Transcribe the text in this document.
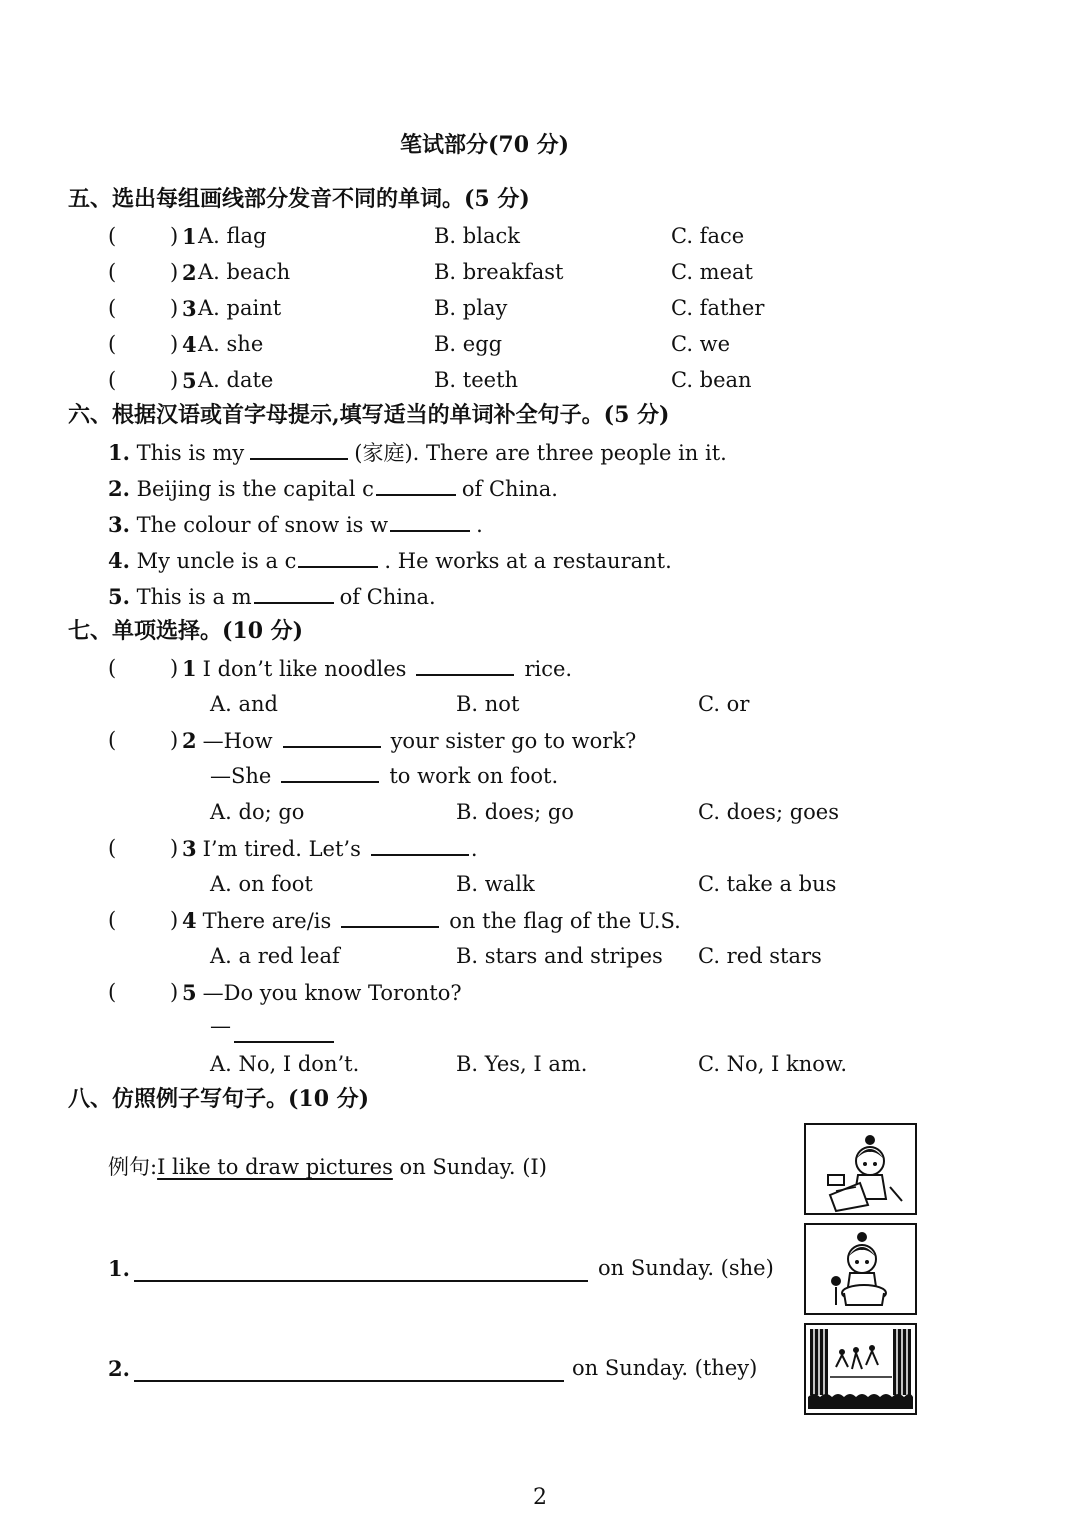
笔试部分(70 分)
五、选出每组画线部分发音不同的单词。(5 分)
(	) 1 A. flag	B. black	C. face
(	) 2 A. beach	B. breakfast	C. meat
(	) 3 A. paint	B. play	C. father
(	) 4 A. she	B. egg	C. we
(	) 5 A. date	B. teeth	C. bean
六、根据汉语或首字母提示,填写适当的单词补全句子。(5 分)
1. This is my	(家庭). There are three people in it.
2. Beijing is the capital c	of China.
3. The colour of snow is w	.
4. My uncle is a c	. He works at a restaurant.
5. This is a m	of China.
七、单项选择。(10 分)
(	) 1 I don’t like noodles	rice.
A. and	B. not	C. or
(	) 2 —How	your sister go to work?
—She	to work on foot.
A. do; go	B. does; go	C. does; goes
(	) 3 I’m tired. Let’s	.
A. on foot	B. walk	C. take a bus
(	) 4 There are/is	on the flag of the U.S.
A. a red leaf	B. stars and stripes C. red stars
(	) 5 —Do you know Toronto?
—
A. No, I don’t.	B. Yes, I am.	C. No, I know.
八、仿照例子写句子。(10 分)
例句:I like to draw pictures on Sunday. (I)
1.	on Sunday. (she)
2.	on Sunday. (they)
2
